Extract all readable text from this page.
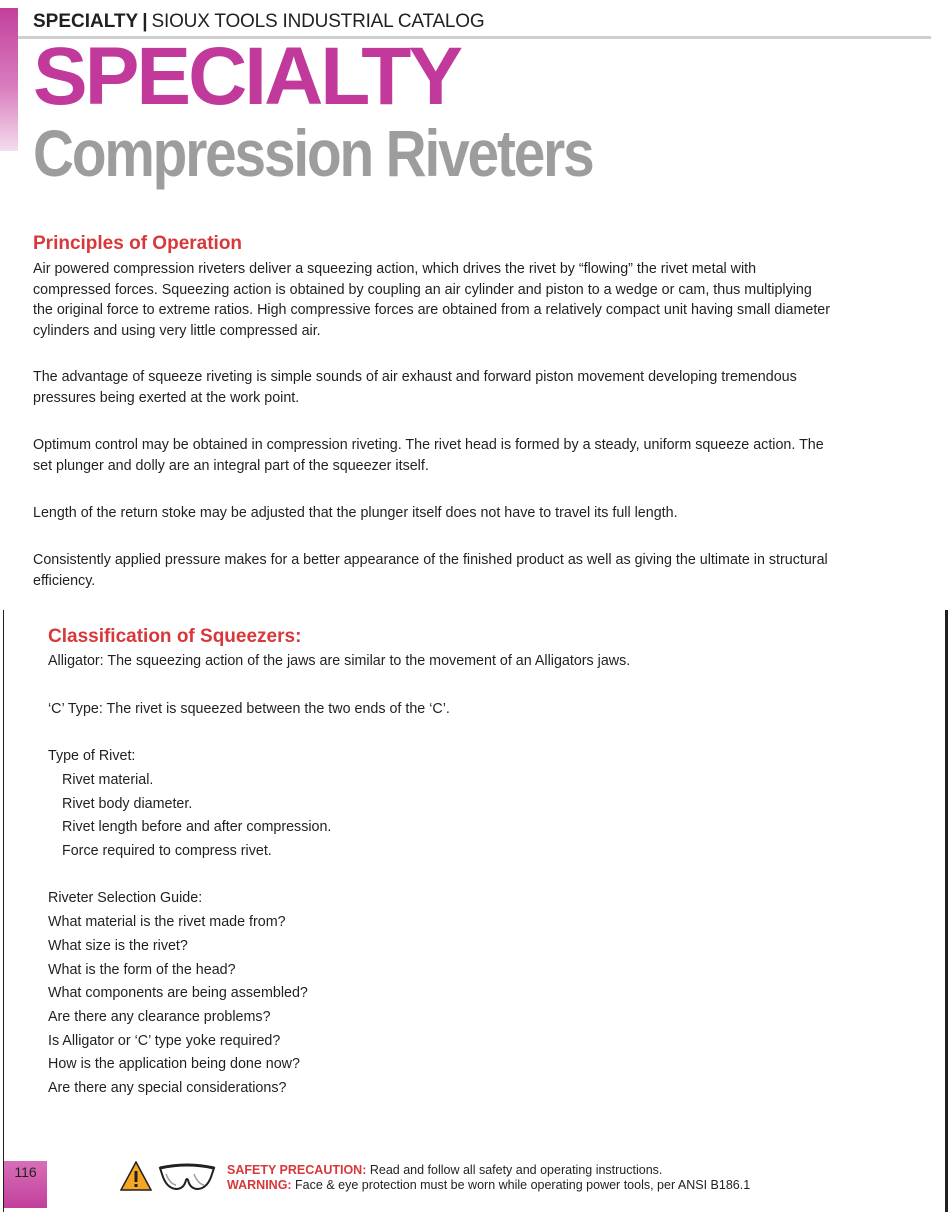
SPECIALTY | SIOUX TOOLS INDUSTRIAL CATALOG
SPECIALTY
Compression Riveters
Principles of Operation
Air powered compression riveters deliver a squeezing action, which drives the rivet by “flowing” the rivet metal with compressed forces. Squeezing action is obtained by coupling an air cylinder and piston to a wedge or cam, thus multiplying the original force to extreme ratios. High compressive forces are obtained from a relatively compact unit having small diameter cylinders and using very little compressed air.
The advantage of squeeze riveting is simple sounds of air exhaust and forward piston movement developing tremendous pressures being exerted at the work point.
Optimum control may be obtained in compression riveting. The rivet head is formed by a steady, uniform squeeze action. The set plunger and dolly are an integral part of the squeezer itself.
Length of the return stoke may be adjusted that the plunger itself does not have to travel its full length.
Consistently applied pressure makes for a better appearance of the finished product as well as giving the ultimate in structural efficiency.
Classification of Squeezers:
Alligator: The squeezing action of the jaws are similar to the movement of an Alligators jaws.
‘C’ Type: The rivet is squeezed between the two ends of the ‘C’.
Type of Rivet:
Rivet material.
Rivet body diameter.
Rivet length before and after compression.
Force required to compress rivet.
Riveter Selection Guide:
What material is the rivet made from?
What size is the rivet?
What is the form of the head?
What components are being assembled?
Are there any clearance problems?
Is Alligator or ‘C’ type yoke required?
How is the application being done now?
Are there any special considerations?
116	SAFETY PRECAUTION: Read and follow all safety and operating instructions.
WARNING: Face & eye protection must be worn while operating power tools, per ANSI B186.1
